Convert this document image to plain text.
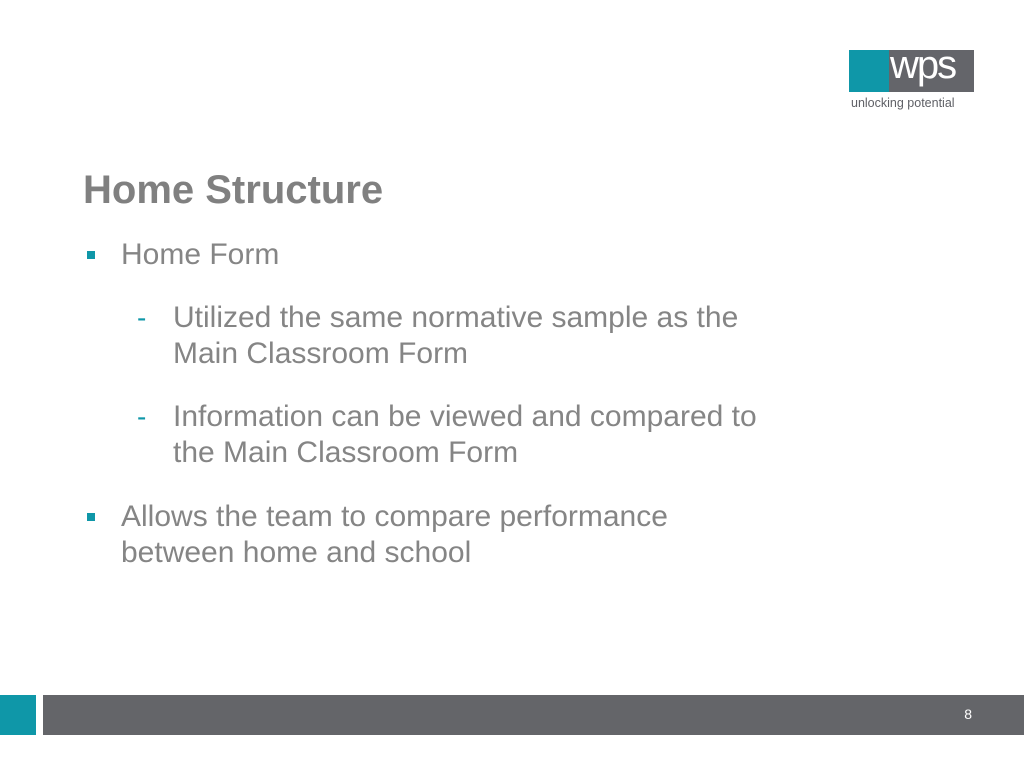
wps
unlocking potential
Home Structure
Home Form
- Utilized the same normative sample as the
Main Classroom Form
- Information can be viewed and compared to
the Main Classroom Form
Allows the team to compare performance
between home and school
8
